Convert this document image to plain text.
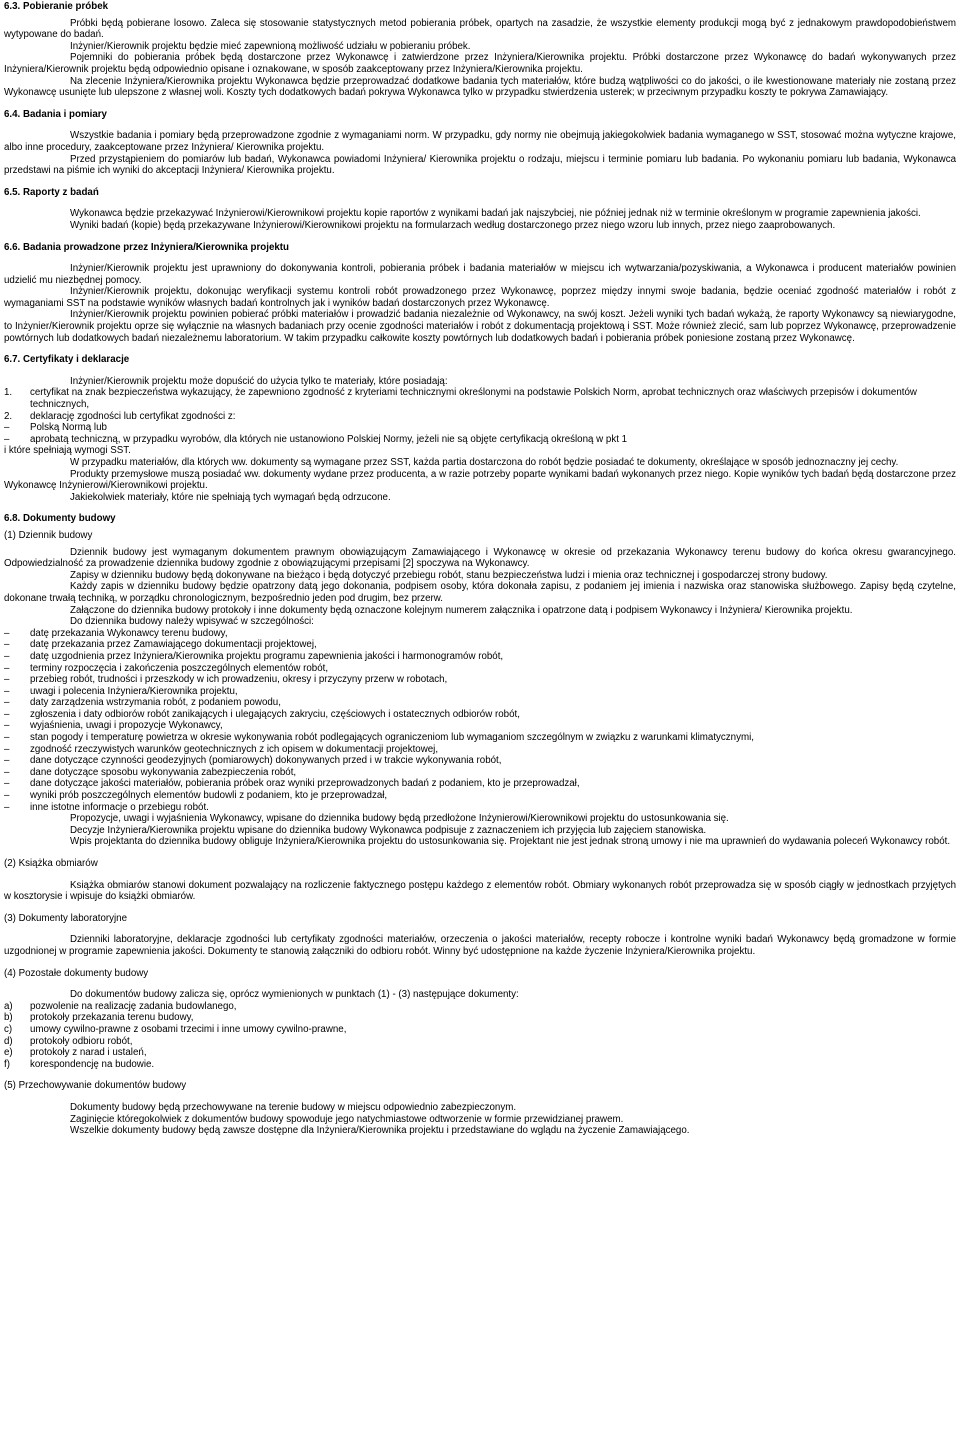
6.3. Pobieranie próbek

Próbki będą pobierane losowo. Zaleca się stosowanie statystycznych metod pobierania próbek, opartych na zasadzie, że wszystkie elementy produkcji mogą być z jednakowym prawdopodobieństwem wytypowane do badań.

Inżynier/Kierownik projektu będzie mieć zapewnioną możliwość udziału w pobieraniu próbek.

Pojemniki do pobierania próbek będą dostarczone przez Wykonawcę i zatwierdzone przez Inżyniera/Kierownika projektu. Próbki dostarczone przez Wykonawcę do badań wykonywanych przez Inżyniera/Kierownik projektu będą odpowiednio opisane i oznakowane, w sposób zaakceptowany przez Inżyniera/Kierownika projektu.

Na zlecenie Inżyniera/Kierownika projektu Wykonawca będzie przeprowadzać dodatkowe badania tych materiałów, które budzą wątpliwości co do jakości, o ile kwestionowane materiały nie zostaną przez Wykonawcę usunięte lub ulepszone z własnej woli. Koszty tych dodatkowych badań pokrywa Wykonawca tylko w przypadku stwierdzenia usterek; w przeciwnym przypadku koszty te pokrywa Zamawiający.

6.4. Badania i pomiary

Wszystkie badania i pomiary będą przeprowadzone zgodnie z wymaganiami norm. W przypadku, gdy normy nie obejmują jakiegokolwiek badania wymaganego w SST, stosować można wytyczne krajowe, albo inne procedury, zaakceptowane przez Inżyniera/ Kierownika projektu.

Przed przystąpieniem do pomiarów lub badań, Wykonawca powiadomi Inżyniera/ Kierownika projektu o rodzaju, miejscu i terminie pomiaru lub badania. Po wykonaniu pomiaru lub badania, Wykonawca przedstawi na piśmie ich wyniki do akceptacji Inżyniera/ Kierownika projektu.

6.5. Raporty z badań

Wykonawca będzie przekazywać Inżynierowi/Kierownikowi projektu kopie raportów z wynikami badań jak najszybciej, nie później jednak niż w terminie określonym w programie zapewnienia jakości.

Wyniki badań (kopie) będą przekazywane Inżynierowi/Kierownikowi projektu na formularzach według dostarczonego przez niego wzoru lub innych, przez niego zaaprobowanych.

6.6. Badania prowadzone przez Inżyniera/Kierownika projektu

Inżynier/Kierownik projektu jest uprawniony do dokonywania kontroli, pobierania próbek i badania materiałów w miejscu ich wytwarzania/pozyskiwania, a Wykonawca i producent materiałów powinien udzielić mu niezbędnej pomocy.

Inżynier/Kierownik projektu, dokonując weryfikacji systemu kontroli robót prowadzonego przez Wykonawcę, poprzez między innymi swoje badania, będzie oceniać zgodność materiałów i robót z wymaganiami SST na podstawie wyników własnych badań kontrolnych jak i wyników badań dostarczonych przez Wykonawcę.

Inżynier/Kierownik projektu powinien pobierać próbki materiałów i prowadzić badania niezależnie od Wykonawcy, na swój koszt. Jeżeli wyniki tych badań wykażą, że raporty Wykonawcy są niewiarygodne, to Inżynier/Kierownik projektu oprze się wyłącznie na własnych badaniach przy ocenie zgodności materiałów i robót z dokumentacją projektową i SST. Może również zlecić, sam lub poprzez Wykonawcę, przeprowadzenie powtórnych lub dodatkowych badań niezależnemu laboratorium. W takim przypadku całkowite koszty powtórnych lub dodatkowych badań i pobierania próbek poniesione zostaną przez Wykonawcę.

6.7. Certyfikaty i deklaracje

Inżynier/Kierownik projektu może dopuścić do użycia tylko te materiały, które posiadają:

1. certyfikat na znak bezpieczeństwa wykazujący, że zapewniono zgodność z kryteriami technicznymi określonymi na podstawie Polskich Norm, aprobat technicznych oraz właściwych przepisów i dokumentów technicznych,
2. deklarację zgodności lub certyfikat zgodności z:
– Polską Normą lub
– aprobatą techniczną, w przypadku wyrobów, dla których nie ustanowiono Polskiej Normy, jeżeli nie są objęte certyfikacją określoną w pkt 1

i które spełniają wymogi SST.

W przypadku materiałów, dla których ww. dokumenty są wymagane przez SST, każda partia dostarczona do robót będzie posiadać te dokumenty, określające w sposób jednoznaczny jej cechy.

Produkty przemysłowe muszą posiadać ww. dokumenty wydane przez producenta, a w razie potrzeby poparte wynikami badań wykonanych przez niego. Kopie wyników tych badań będą dostarczone przez Wykonawcę Inżynierowi/Kierownikowi projektu.

Jakiekolwiek materiały, które nie spełniają tych wymagań będą odrzucone.

6.8. Dokumenty budowy
(1) Dziennik budowy

Dziennik budowy jest wymaganym dokumentem prawnym obowiązującym Zamawiającego i Wykonawcę w okresie od przekazania Wykonawcy terenu budowy do końca okresu gwarancyjnego. Odpowiedzialność za prowadzenie dziennika budowy zgodnie z obowiązującymi przepisami [2] spoczywa na Wykonawcy.

Zapisy w dzienniku budowy będą dokonywane na bieżąco i będą dotyczyć przebiegu robót, stanu bezpieczeństwa ludzi i mienia oraz technicznej i gospodarczej strony budowy.

Każdy zapis w dzienniku budowy będzie opatrzony datą jego dokonania, podpisem osoby, która dokonała zapisu, z podaniem jej imienia i nazwiska oraz stanowiska służbowego. Zapisy będą czytelne, dokonane trwałą techniką, w porządku chronologicznym, bezpośrednio jeden pod drugim, bez przerw.

Załączone do dziennika budowy protokoły i inne dokumenty będą oznaczone kolejnym numerem załącznika i opatrzone datą i podpisem Wykonawcy i Inżyniera/ Kierownika projektu.

Do dziennika budowy należy wpisywać w szczególności:

– datę przekazania Wykonawcy terenu budowy,
– datę przekazania przez Zamawiającego dokumentacji projektowej,
– datę uzgodnienia przez Inżyniera/Kierownika projektu programu zapewnienia jakości i harmonogramów robót,
– terminy rozpoczęcia i zakończenia poszczególnych elementów robót,
– przebieg robót, trudności i przeszkody w ich prowadzeniu, okresy i przyczyny przerw w robotach,
– uwagi i polecenia Inżyniera/Kierownika projektu,
– daty zarządzenia wstrzymania robót, z podaniem powodu,
– zgłoszenia i daty odbiorów robót zanikających i ulegających zakryciu, częściowych i ostatecznych odbiorów robót,
– wyjaśnienia, uwagi i propozycje Wykonawcy,
– stan pogody i temperaturę powietrza w okresie wykonywania robót podlegających ograniczeniom lub wymaganiom szczególnym w związku z warunkami klimatycznymi,
– zgodność rzeczywistych warunków geotechnicznych z ich opisem w dokumentacji projektowej,
– dane dotyczące czynności geodezyjnych (pomiarowych) dokonywanych przed i w trakcie wykonywania robót,
– dane dotyczące sposobu wykonywania zabezpieczenia robót,
– dane dotyczące jakości materiałów, pobierania próbek oraz wyniki przeprowadzonych badań z podaniem, kto je przeprowadzał,
– wyniki prób poszczególnych elementów budowli z podaniem, kto je przeprowadzał,
– inne istotne informacje o przebiegu robót.

Propozycje, uwagi i wyjaśnienia Wykonawcy, wpisane do dziennika budowy będą przedłożone Inżynierowi/Kierownikowi projektu do ustosunkowania się.

Decyzje Inżyniera/Kierownika projektu wpisane do dziennika budowy Wykonawca podpisuje z zaznaczeniem ich przyjęcia lub zajęciem stanowiska.

Wpis projektanta do dziennika budowy obliguje Inżyniera/Kierownika projektu do ustosunkowania się. Projektant nie jest jednak stroną umowy i nie ma uprawnień do wydawania poleceń Wykonawcy robót.

(2) Książka obmiarów

Książka obmiarów stanowi dokument pozwalający na rozliczenie faktycznego postępu każdego z elementów robót. Obmiary wykonanych robót przeprowadza się w sposób ciągły w jednostkach przyjętych w kosztorysie i wpisuje do książki obmiarów.

(3) Dokumenty laboratoryjne

Dzienniki laboratoryjne, deklaracje zgodności lub certyfikaty zgodności materiałów, orzeczenia o jakości materiałów, recepty robocze i kontrolne wyniki badań Wykonawcy będą gromadzone w formie uzgodnionej w programie zapewnienia jakości. Dokumenty te stanowią załączniki do odbioru robót. Winny być udostępnione na każde życzenie Inżyniera/Kierownika projektu.

(4) Pozostałe dokumenty budowy

Do dokumentów budowy zalicza się, oprócz wymienionych w punktach (1) - (3) następujące dokumenty:

a) pozwolenie na realizację zadania budowlanego,
b) protokoły przekazania terenu budowy,
c) umowy cywilno-prawne z osobami trzecimi i inne umowy cywilno-prawne,
d) protokoły odbioru robót,
e) protokoły z narad i ustaleń,
f) korespondencję na budowie.
(5) Przechowywanie dokumentów budowy

Dokumenty budowy będą przechowywane na terenie budowy w miejscu odpowiednio zabezpieczonym.

Zaginięcie któregokolwiek z dokumentów budowy spowoduje jego natychmiastowe odtworzenie w formie przewidzianej prawem.

Wszelkie dokumenty budowy będą zawsze dostępne dla Inżyniera/Kierownika projektu i przedstawiane do wglądu na życzenie Zamawiającego.
